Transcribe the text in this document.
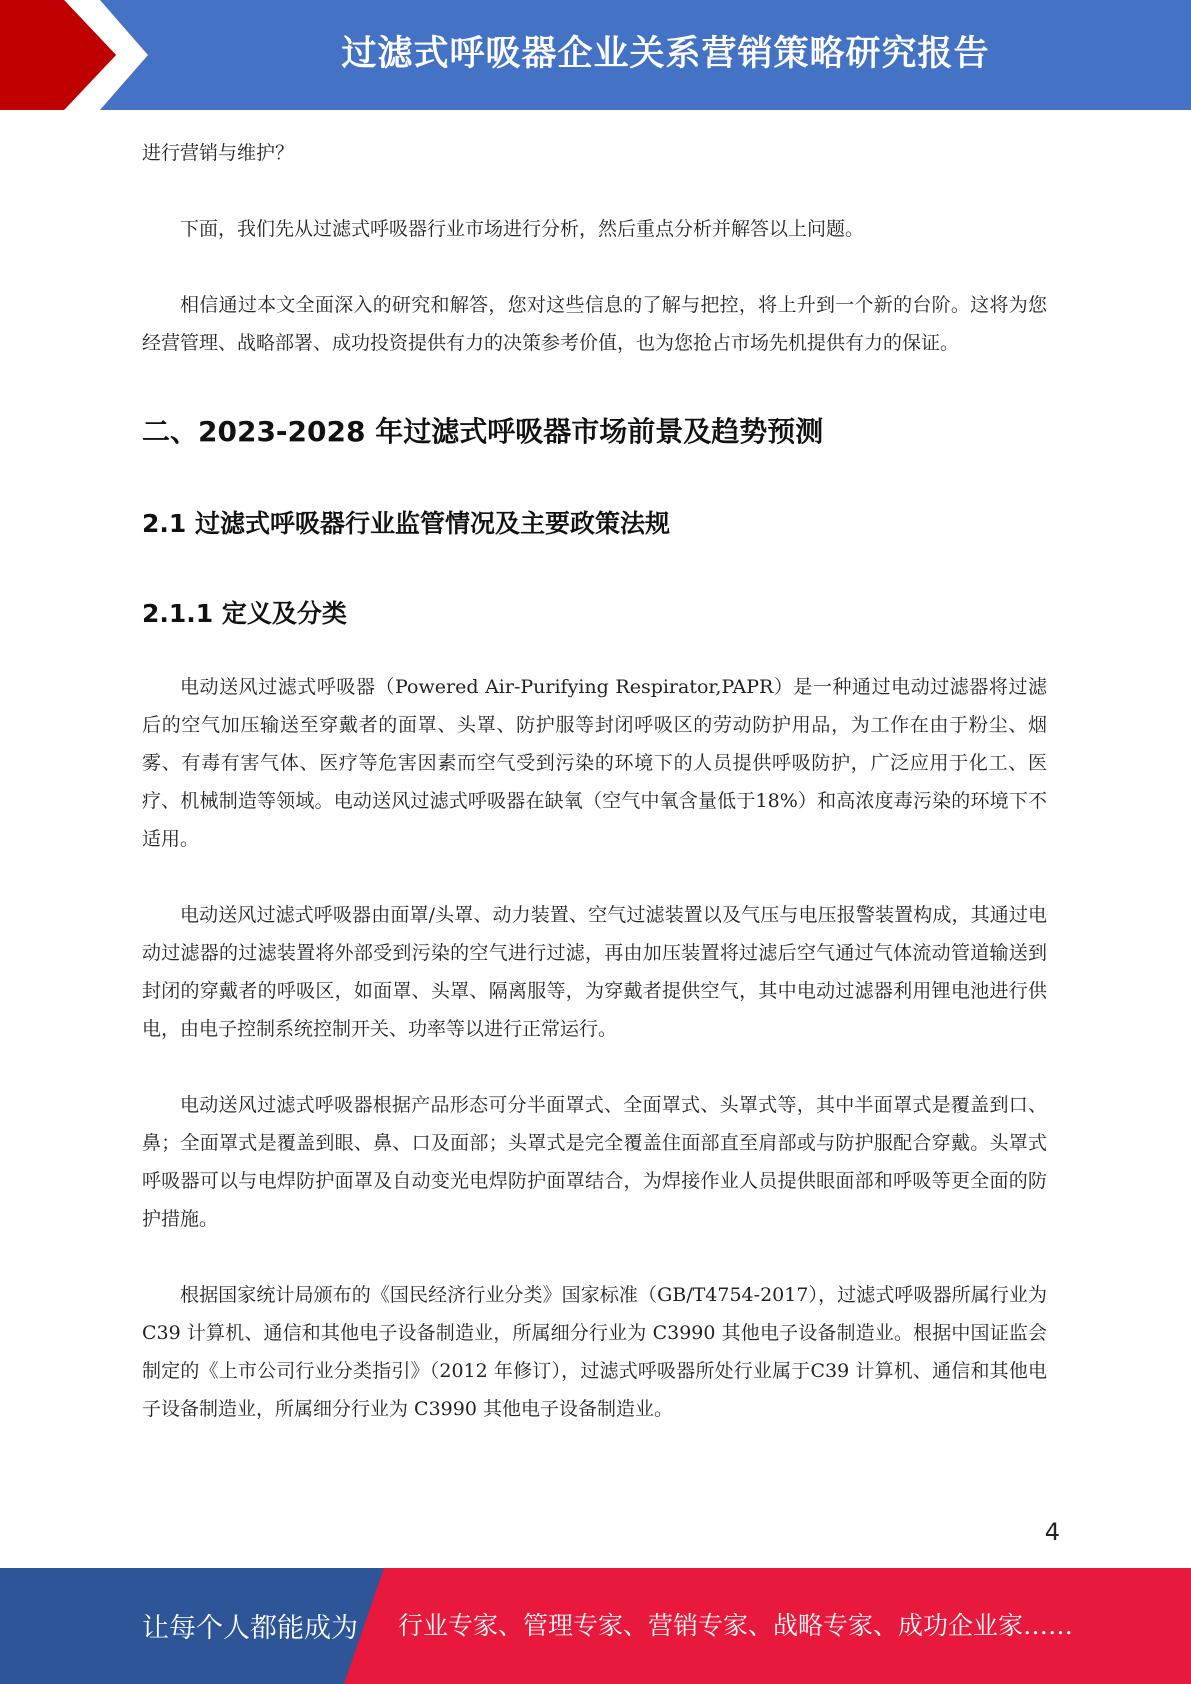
过滤式呼吸器企业关系营销策略研究报告

进行营销与维护？

下面，我们先从过滤式呼吸器行业市场进行分析，然后重点分析并解答以上问题。

相信通过本文全面深入的研究和解答，您对这些信息的了解与把控，将上升到一个新的台阶。这将为您经营管理、战略部署、成功投资提供有力的决策参考价值，也为您抢占市场先机提供有力的保证。

二、2023-2028 年过滤式呼吸器市场前景及趋势预测
2.1 过滤式呼吸器行业监管情况及主要政策法规
2.1.1 定义及分类

电动送风过滤式呼吸器（Powered Air-Purifying Respirator,PAPR）是一种通过电动过滤器将过滤后的空气加压输送至穿戴者的面罩、头罩、防护服等封闭呼吸区的劳动防护用品，为工作在由于粉尘、烟雾、有毒有害气体、医疗等危害因素而空气受到污染的环境下的人员提供呼吸防护，广泛应用于化工、医疗、机械制造等领域。电动送风过滤式呼吸器在缺氧（空气中氧含量低于18%）和高浓度毒污染的环境下不适用。

电动送风过滤式呼吸器由面罩/头罩、动力装置、空气过滤装置以及气压与电压报警装置构成，其通过电动过滤器的过滤装置将外部受到污染的空气进行过滤，再由加压装置将过滤后空气通过气体流动管道输送到封闭的穿戴者的呼吸区，如面罩、头罩、隔离服等，为穿戴者提供空气，其中电动过滤器利用锂电池进行供电，由电子控制系统控制开关、功率等以进行正常运行。

电动送风过滤式呼吸器根据产品形态可分半面罩式、全面罩式、头罩式等，其中半面罩式是覆盖到口、鼻；全面罩式是覆盖到眼、鼻、口及面部；头罩式是完全覆盖住面部直至肩部或与防护服配合穿戴。头罩式呼吸器可以与电焊防护面罩及自动变光电焊防护面罩结合，为焊接作业人员提供眼面部和呼吸等更全面的防护措施。

根据国家统计局颁布的《国民经济行业分类》国家标准（GB/T4754-2017），过滤式呼吸器所属行业为 C39 计算机、通信和其他电子设备制造业，所属细分行业为 C3990 其他电子设备制造业。根据中国证监会制定的《上市公司行业分类指引》（2012 年修订），过滤式呼吸器所处行业属于C39 计算机、通信和其他电子设备制造业，所属细分行业为 C3990 其他电子设备制造业。

4
让每个人都能成为 行业专家、管理专家、营销专家、战略专家、成功企业家……
